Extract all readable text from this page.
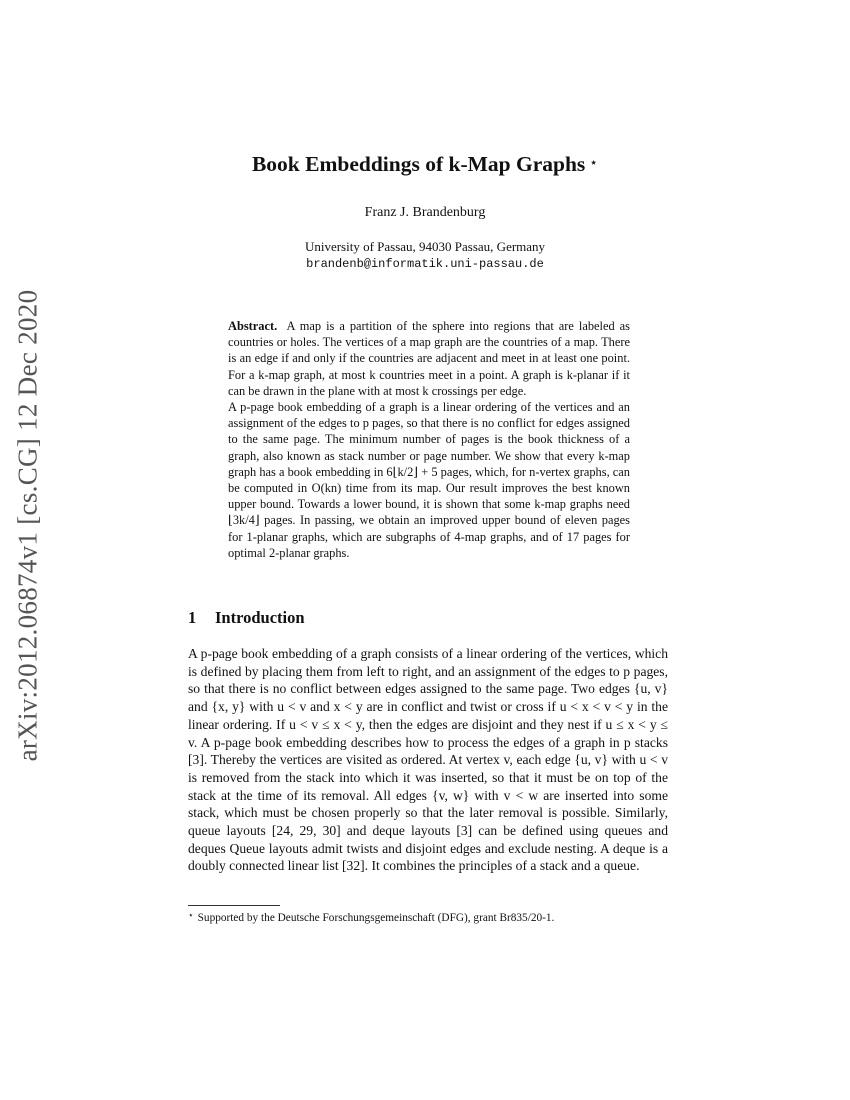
arXiv:2012.06874v1 [cs.CG] 12 Dec 2020
Book Embeddings of k-Map Graphs ⋆
Franz J. Brandenburg
University of Passau, 94030 Passau, Germany
brandenb@informatik.uni-passau.de

Abstract. A map is a partition of the sphere into regions that are labeled as countries or holes. The vertices of a map graph are the countries of a map. There is an edge if and only if the countries are adjacent and meet in at least one point. For a k-map graph, at most k countries meet in a point. A graph is k-planar if it can be drawn in the plane with at most k crossings per edge.

A p-page book embedding of a graph is a linear ordering of the vertices and an assignment of the edges to p pages, so that there is no conflict for edges assigned to the same page. The minimum number of pages is the book thickness of a graph, also known as stack number or page number. We show that every k-map graph has a book embedding in 6⌊k/2⌋ + 5 pages, which, for n-vertex graphs, can be computed in O(kn) time from its map. Our result improves the best known upper bound. Towards a lower bound, it is shown that some k-map graphs need ⌊3k/4⌋ pages. In passing, we obtain an improved upper bound of eleven pages for 1-planar graphs, which are subgraphs of 4-map graphs, and of 17 pages for optimal 2-planar graphs.

1 Introduction

A p-page book embedding of a graph consists of a linear ordering of the vertices, which is defined by placing them from left to right, and an assignment of the edges to p pages, so that there is no conflict between edges assigned to the same page. Two edges {u, v} and {x, y} with u < v and x < y are in conflict and twist or cross if u < x < v < y in the linear ordering. If u < v ≤ x < y, then the edges are disjoint and they nest if u ≤ x < y ≤ v. A p-page book embedding describes how to process the edges of a graph in p stacks [3]. Thereby the vertices are visited as ordered. At vertex v, each edge {u, v} with u < v is removed from the stack into which it was inserted, so that it must be on top of the stack at the time of its removal. All edges {v, w} with v < w are inserted into some stack, which must be chosen properly so that the later removal is possible. Similarly, queue layouts [24, 29, 30] and deque layouts [3] can be defined using queues and deques Queue layouts admit twists and disjoint edges and exclude nesting. A deque is a doubly connected linear list [32]. It combines the principles of a stack and a queue.

⋆ Supported by the Deutsche Forschungsgemeinschaft (DFG), grant Br835/20-1.
